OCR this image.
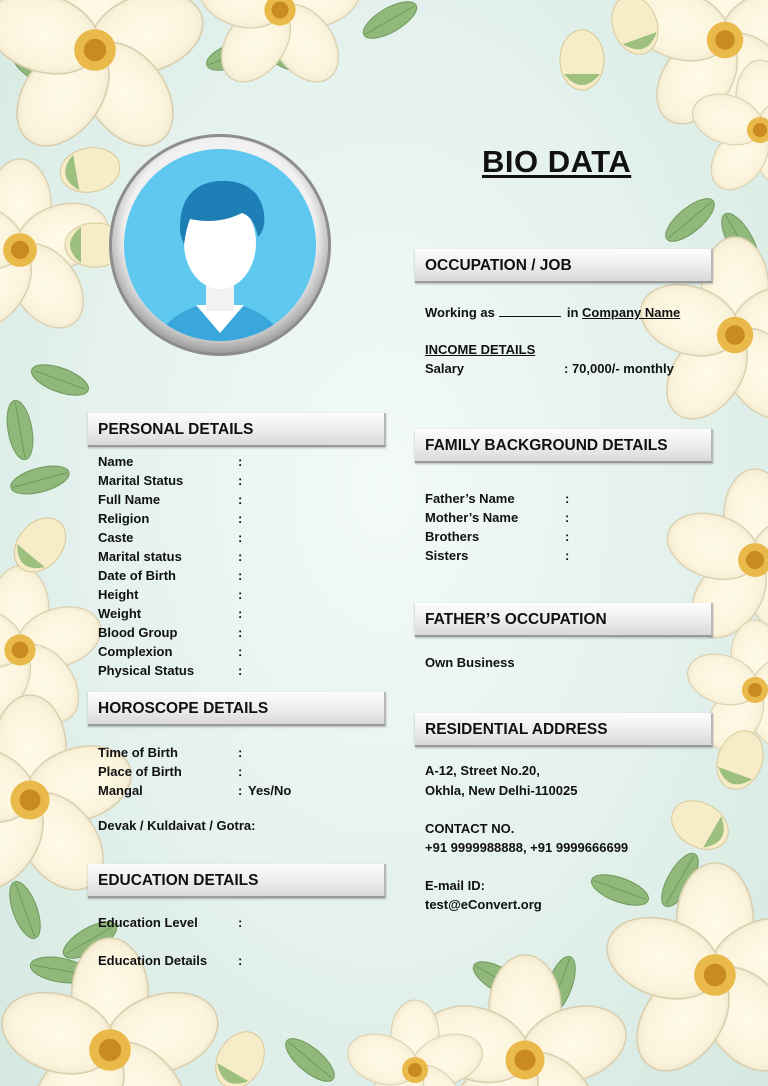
BIO DATA
PERSONAL DETAILS
Name	:
Marital Status	:
Full Name	:
Religion	:
Caste	:
Marital status	:
Date of Birth	:
Height	:
Weight	:
Blood Group	:
Complexion	:
Physical Status	:
HOROSCOPE DETAILS
Time of Birth	:
Place of Birth	:
Mangal	: Yes/No
Devak / Kuldaivat / Gotra:
EDUCATION DETAILS
Education Level	:
Education Details :
OCCUPATION / JOB
Working as	in Company Name
INCOME DETAILS
Salary	: 70,000/- monthly
FAMILY BACKGROUND DETAILS
Father’s Name	:
Mother’s Name	:
Brothers	:
Sisters	:
FATHER’S OCCUPATION
Own Business
RESIDENTIAL ADDRESS
A-12, Street No.20,
Okhla, New Delhi-110025
CONTACT NO.
+91 9999988888, +91 9999666699
E-mail ID:
test@eConvert.org
